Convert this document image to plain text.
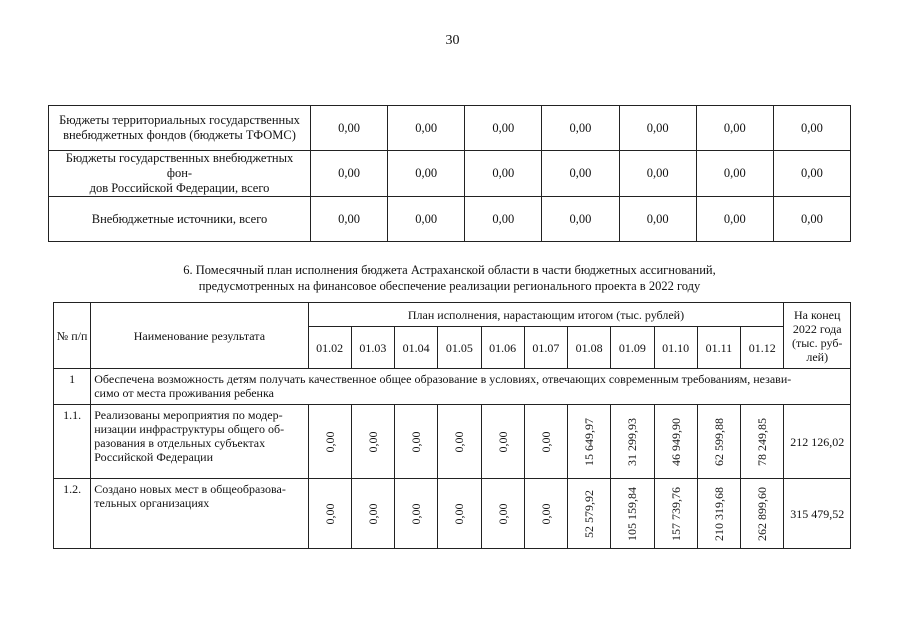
30
Бюджеты территориальных государственных
внебюджетных фондов (бюджеты ТФОМС)	0,00	0,00	0,00	0,00	0,00	0,00	0,00

Бюджеты государственных внебюджетных фон-
дов Российской Федерации, всего	0,00	0,00	0,00	0,00	0,00	0,00	0,00

Внебюджетные источники, всего	0,00	0,00	0,00	0,00	0,00	0,00	0,00
6. Помесячный план исполнения бюджета Астраханской области в части бюджетных ассигнований,
предусмотренных на финансовое обеспечение реализации регионального проекта в 2022 году
№ п/п	Наименование результата	План исполнения, нарастающим итогом (тыс. рублей)											На конец
2022 года
(тыс. руб-
лей)

		01.02	01.03	01.04	01.05	01.06	01.07	01.08	01.09	01.10	01.11	01.12	
1	Обеспечена возможность детям получать качественное общее образование в условиях, отвечающих современным требованиям, незави-
симо от места проживания ребенка												

1.1.	Реализованы мероприятия по модер-
низации инфраструктуры общего об-
разования в отдельных субъектах
Российской Федерации	0,00	0,00	0,00	0,00	0,00	0,00	15 649,97	31 299,93	46 949,90	62 599,88	78 249,85	212 126,02
1.2.	Создано новых мест в общеобразова-
тельных организациях	0,00	0,00	0,00	0,00	0,00	0,00	52 579,92	105 159,84	157 739,76	210 319,68	262 899,60	315 479,52
